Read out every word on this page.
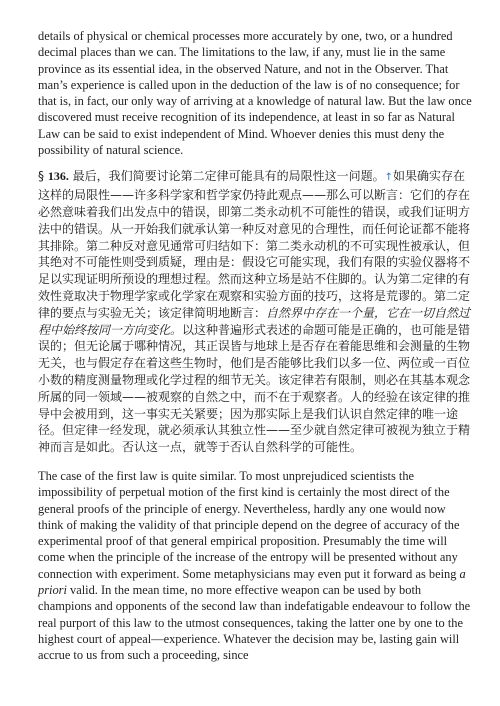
details of physical or chemical processes more accurately by one, two, or a hundred decimal places than we can. The limitations to the law, if any, must lie in the same province as its essential idea, in the observed Nature, and not in the Observer. That man’s experience is called upon in the deduction of the law is of no consequence; for that is, in fact, our only way of arriving at a knowledge of natural law. But the law once discovered must receive recognition of its independence, at least in so far as Natural Law can be said to exist independent of Mind. Whoever denies this must deny the possibility of natural science.

§ 136. 最后，我们简要讨论第二定律可能具有的局限性这一问题。↑如果确实存在这样的局限性——许多科学家和哲学家仍持此观点——那么可以断言：它们的存在必然意味着我们出发点中的错误，即第二类永动机不可能性的错误，或我们证明方法中的错误。从一开始我们就承认第一种反对意见的合理性，而任何论证都不能将其排除。第二种反对意见通常可归结如下：第二类永动机的不可实现性被承认，但其绝对不可能性则受到质疑，理由是：假设它可能实现，我们有限的实验仪器将不足以实现证明所预设的理想过程。然而这种立场是站不住脚的。认为第二定律的有效性竟取决于物理学家或化学家在观察和实验方面的技巧，这将是荒谬的。第二定律的要点与实验无关；该定律简明地断言：自然界中存在一个量，它在一切自然过程中始终按同一方向变化。以这种普遍形式表述的命题可能是正确的，也可能是错误的；但无论属于哪种情况，其正误皆与地球上是否存在着能思维和会测量的生物无关，也与假定存在着这些生物时，他们是否能够比我们以多一位、两位或一百位小数的精度测量物理或化学过程的细节无关。该定律若有限制，则必在其基本观念所属的同一领域——被观察的自然之中，而不在于观察者。人的经验在该定律的推导中会被用到，这一事实无关紧要；因为那实际上是我们认识自然定律的唯一途径。但定律一经发现，就必须承认其独立性——至少就自然定律可被视为独立于精神而言是如此。否认这一点，就等于否认自然科学的可能性。

The case of the first law is quite similar. To most unprejudiced scientists the impossibility of perpetual motion of the first kind is certainly the most direct of the general proofs of the principle of energy. Nevertheless, hardly any one would now think of making the validity of that principle depend on the degree of accuracy of the experimental proof of that general empirical proposition. Presumably the time will come when the principle of the increase of the entropy will be presented without any connection with experiment. Some metaphysicians may even put it forward as being a priori valid. In the mean time, no more effective weapon can be used by both champions and opponents of the second law than indefatigable endeavour to follow the real purport of this law to the utmost consequences, taking the latter one by one to the highest court of appeal—experience. Whatever the decision may be, lasting gain will accrue to us from such a proceeding, since
